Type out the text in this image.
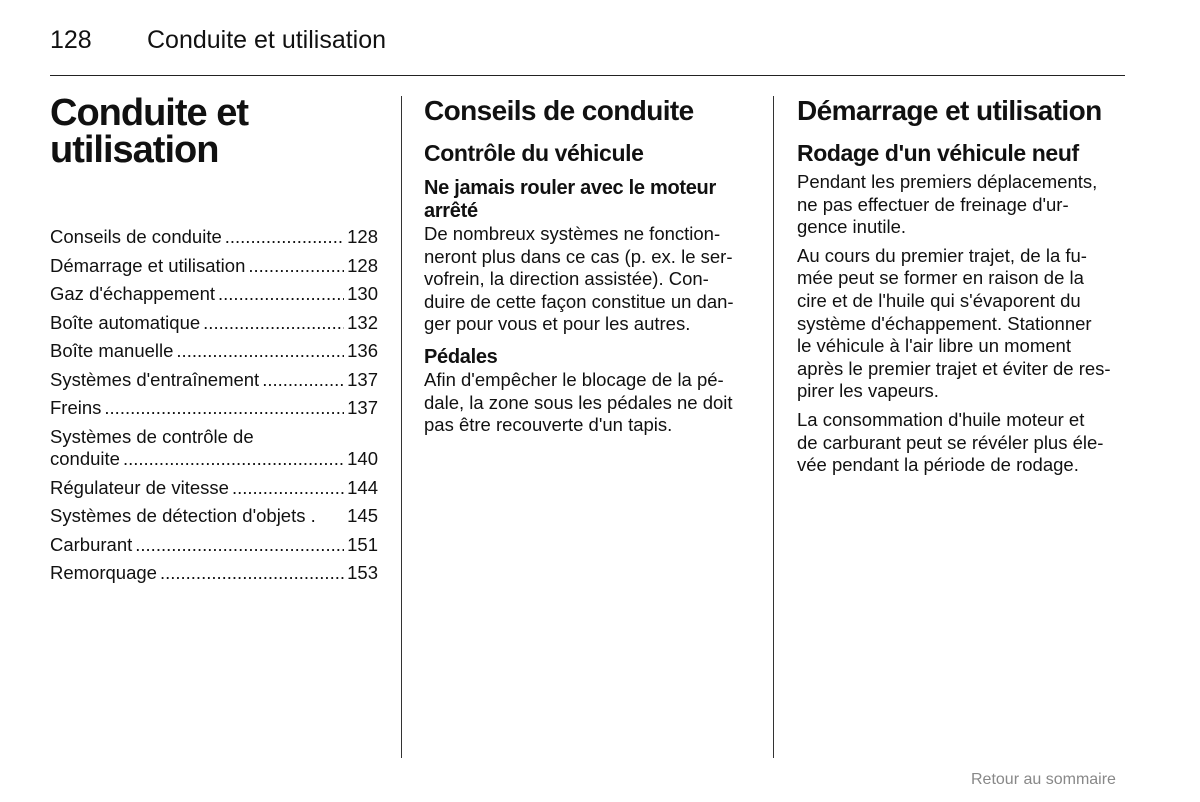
128 Conduite et utilisation
Conduite et
utilisation
Conseils de conduite .....	128
Démarrage et utilisation .....	128
Gaz d'échappement .....	130
Boîte automatique .....	132
Boîte manuelle .....	136
Systèmes d'entraînement .....	137
Freins .....	137
Systèmes de contrôle de
conduite .....	140
Régulateur de vitesse .....	144
Systèmes de détection d'objets . 145
Carburant .....	151
Remorquage .....	153
Conseils de conduite
Contrôle du véhicule
Ne jamais rouler avec le moteur
arrêté

De nombreux systèmes ne fonction-

neront plus dans ce cas (p. ex. le ser-

vofrein, la direction assistée). Con-

duire de cette façon constitue un dan-

ger pour vous et pour les autres.

Pédales

Afin d'empêcher le blocage de la pé-

dale, la zone sous les pédales ne doit

pas être recouverte d'un tapis.

Démarrage et utilisation
Rodage d'un véhicule neuf

Pendant les premiers déplacements,

ne pas effectuer de freinage d'ur-

gence inutile.

Au cours du premier trajet, de la fu-

mée peut se former en raison de la

cire et de l'huile qui s'évaporent du

système d'échappement. Stationner

le véhicule à l'air libre un moment

après le premier trajet et éviter de res-

pirer les vapeurs.

La consommation d'huile moteur et

de carburant peut se révéler plus éle-

vée pendant la période de rodage.

Retour au sommaire
